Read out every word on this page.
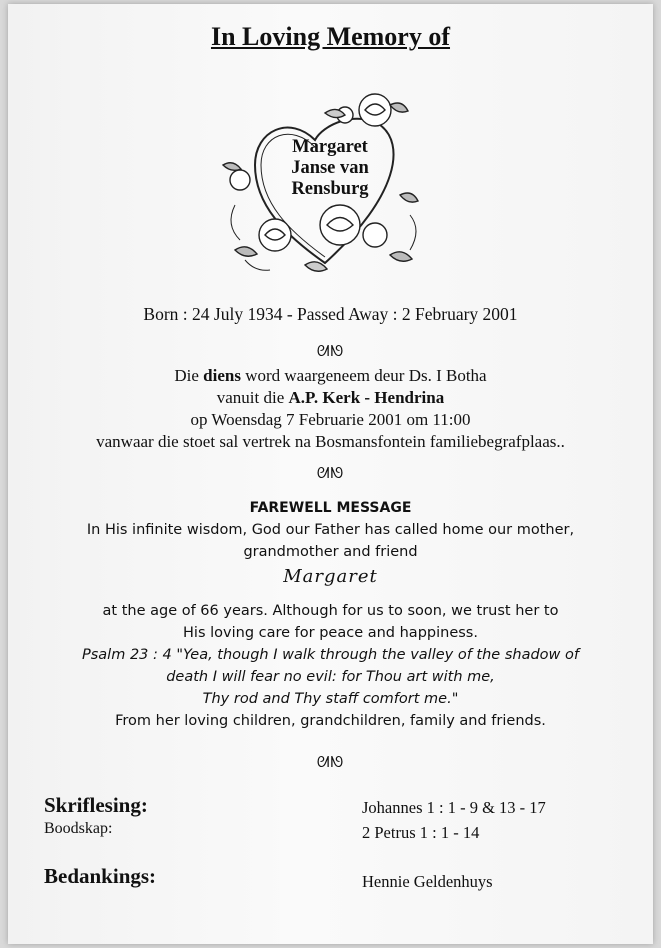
In Loving Memory of
Margaret
Janse van
Rensburg
Born : 24 July 1934 - Passed Away : 2 February 2001
ᘛᘚ
Die diens word waargeneem deur Ds. I Botha
vanuit die A.P. Kerk - Hendrina
op Woensdag 7 Februarie 2001 om 11:00
vanwaar die stoet sal vertrek na Bosmansfontein familiebegrafplaas..
ᘛᘚ
FAREWELL MESSAGE
In His infinite wisdom, God our Father has called home our mother,
grandmother and friend
Margaret
at the age of 66 years. Although for us to soon, we trust her to
His loving care for peace and happiness.
Psalm 23 : 4 "Yea, though I walk through the valley of the shadow of
death I will fear no evil: for Thou art with me,
Thy rod and Thy staff comfort me."
From her loving children, grandchildren, family and friends.
ᘛᘚ
Skriflesing:
Boodskap:
Johannes 1 : 1 - 9 & 13 - 17
2 Petrus 1 : 1 - 14
Bedankings:	Hennie Geldenhuys
